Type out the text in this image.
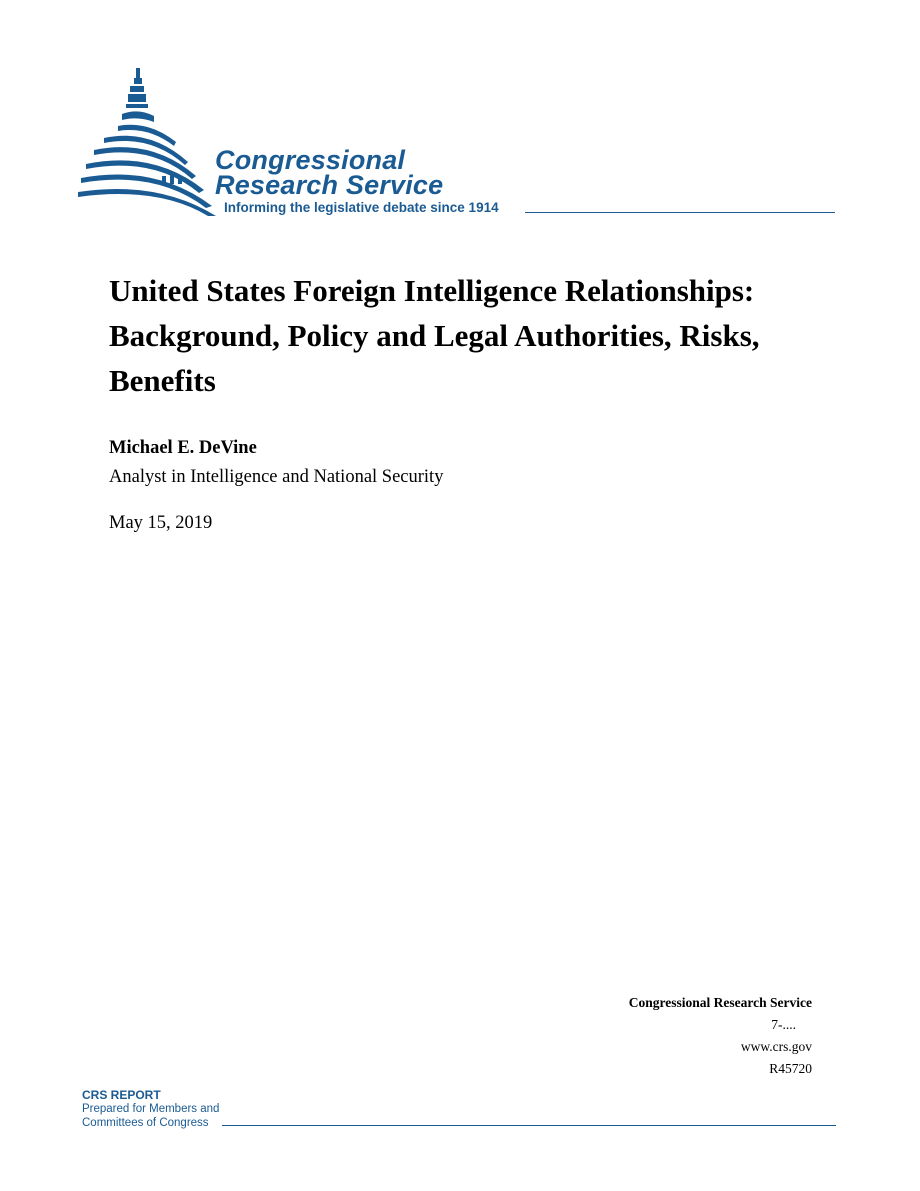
Congressional
Research Service
Informing the legislative debate since 1914
United States Foreign Intelligence Relationships: Background, Policy and Legal Authorities, Risks, Benefits
Michael E. DeVine
Analyst in Intelligence and National Security
May 15, 2019
Congressional Research Service
7-....
www.crs.gov
R45720
CRS REPORT
Prepared for Members and
Committees of Congress
